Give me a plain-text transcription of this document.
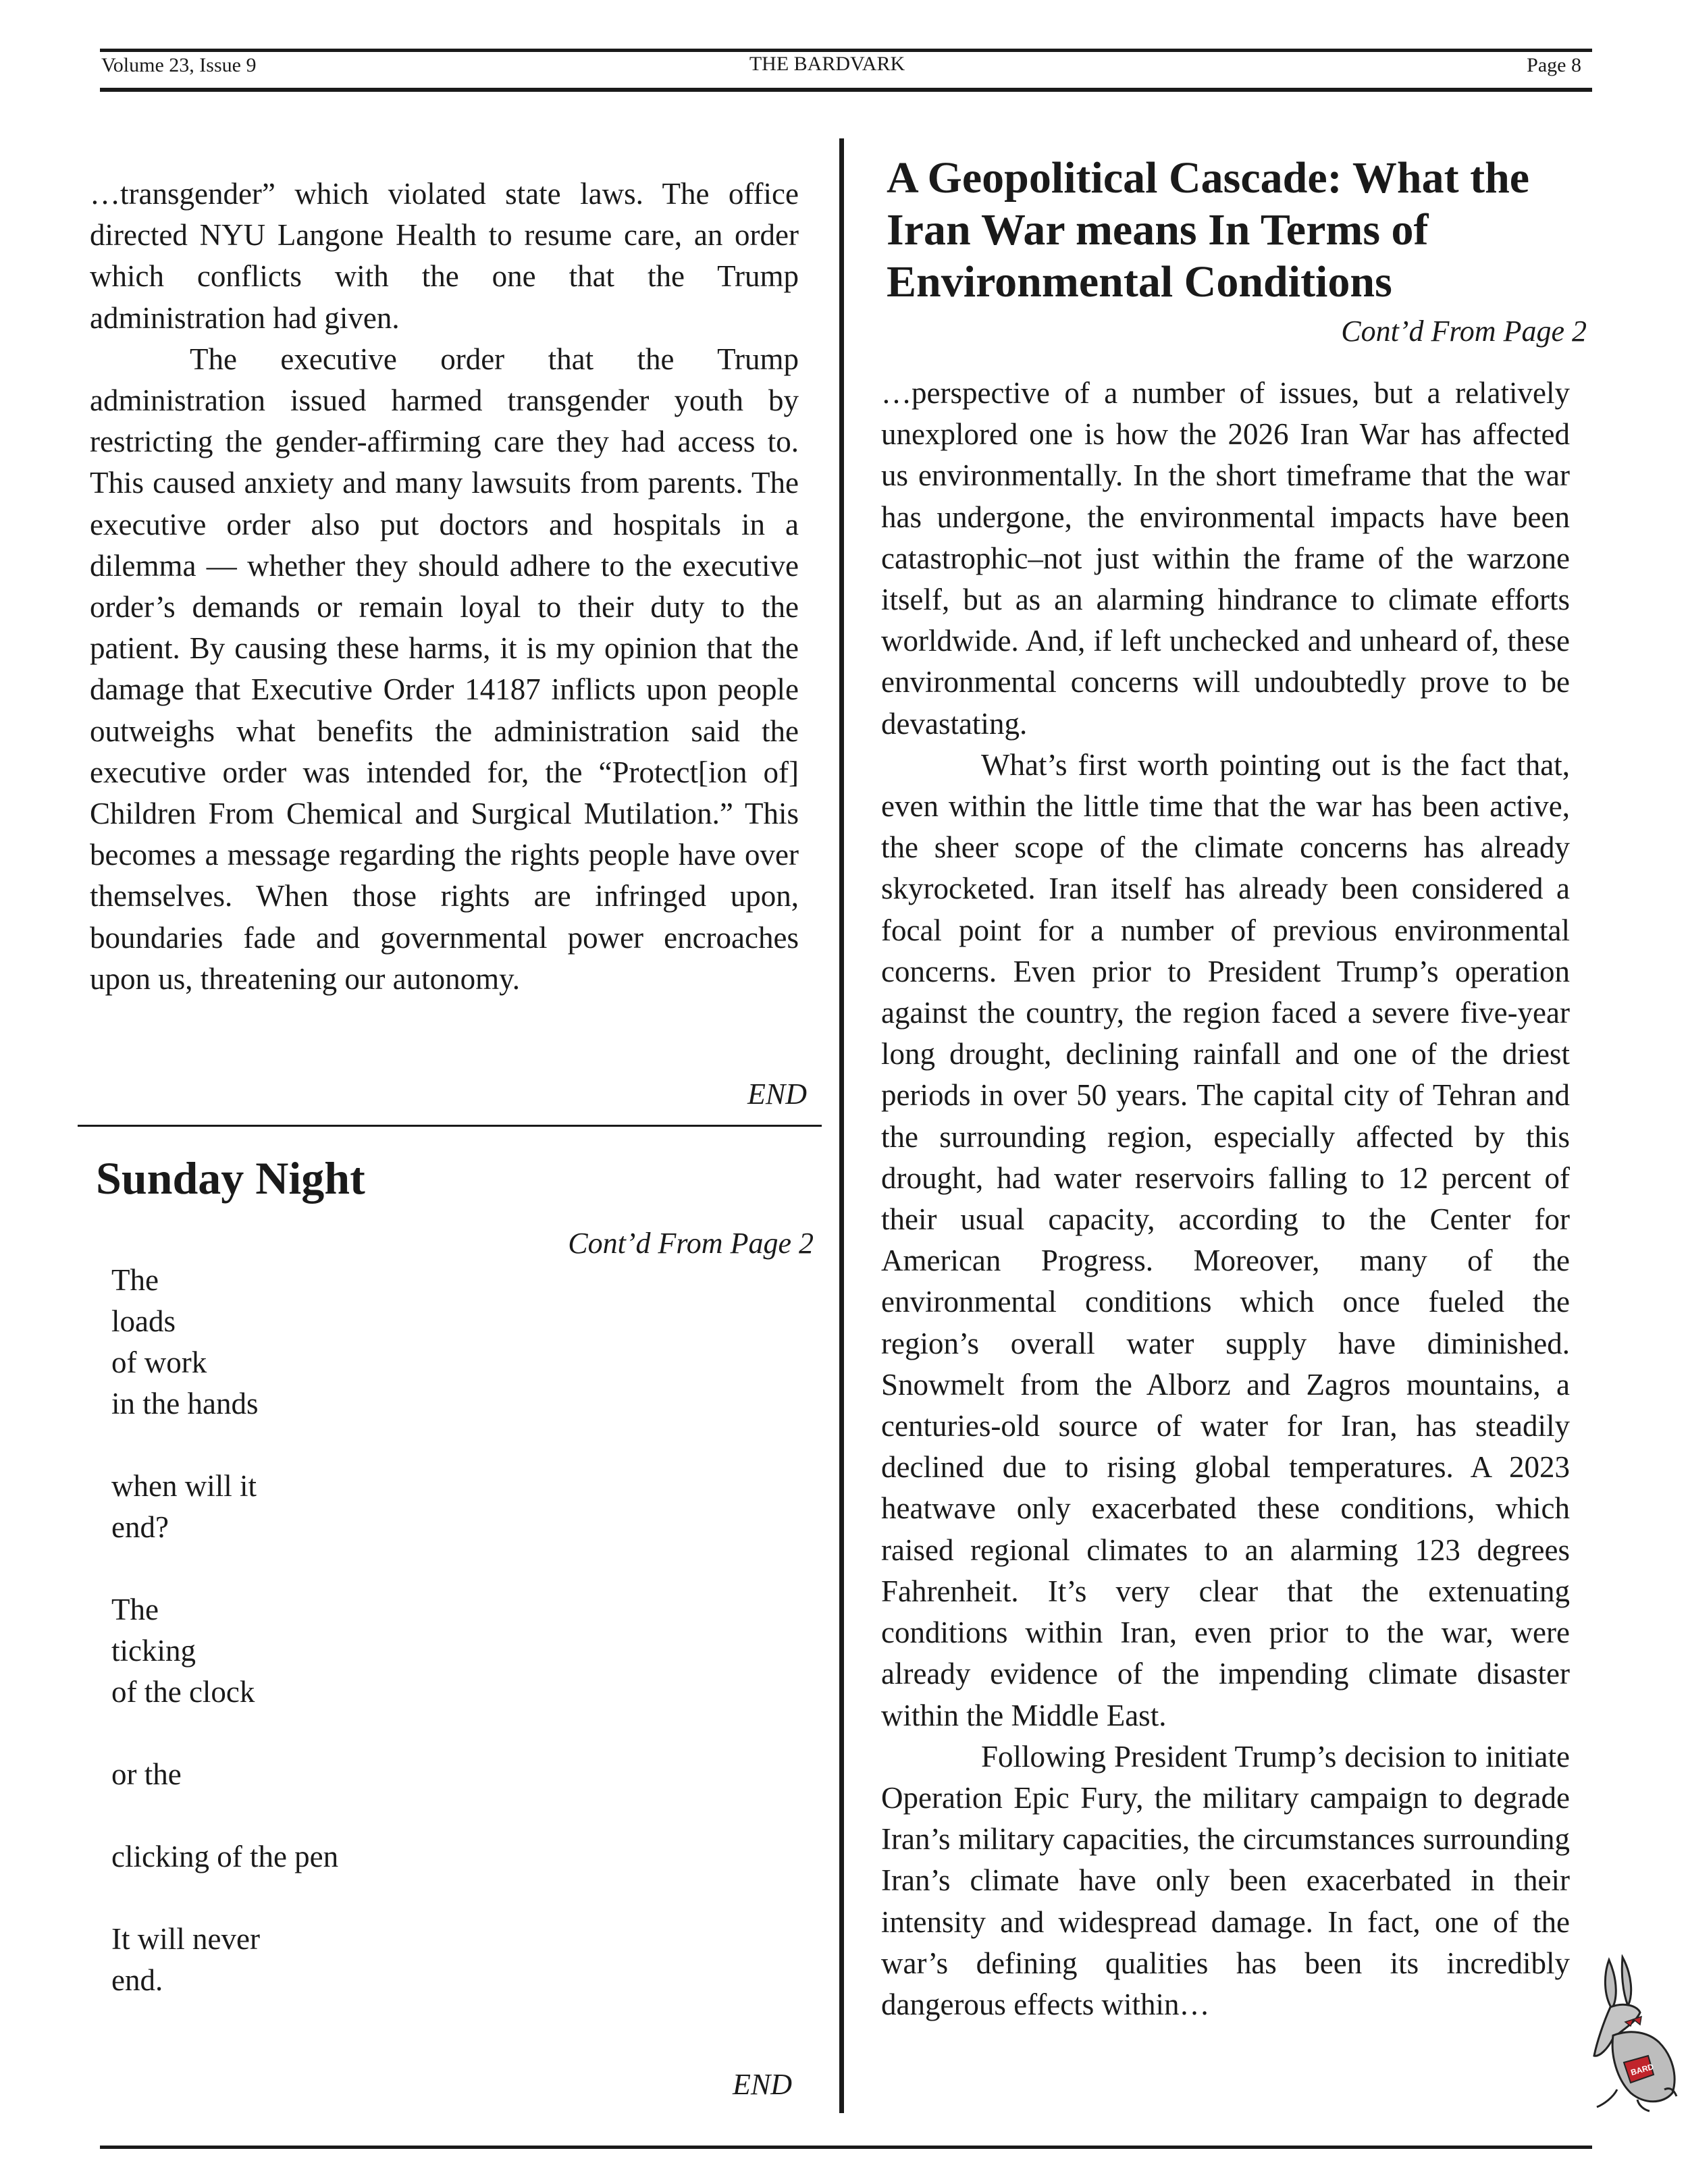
Volume 23, Issue 9	THE BARDVARK	Page 8

…transgender” which violated state laws. The office directed NYU Langone Health to resume care, an order which conflicts with the one that the Trump administration had given.

The executive order that the Trump administration issued harmed transgender youth by restricting the gender-affirming care they had access to. This caused anxiety and many lawsuits from parents. The executive order also put doctors and hospitals in a dilemma — whether they should adhere to the executive order’s demands or remain loyal to their duty to the patient. By causing these harms, it is my opinion that the damage that Executive Order 14187 inflicts upon people outweighs what benefits the administration said the executive order was intended for, the “Protect[ion of] Children From Chemical and Surgical Mutilation.” This becomes a message regarding the rights people have over themselves. When those rights are infringed upon, boundaries fade and governmental power encroaches upon us, threatening our autonomy.

END
Sunday Night
Cont’d From Page 2
The
loads
of work
in the hands
when will it
end?
The
ticking
of the clock
or the
clicking of the pen
It will never
end.
END
A Geopolitical Cascade: What the Iran War means In Terms of Environmental Conditions
Cont’d From Page 2

…perspective of a number of issues, but a relatively unexplored one is how the 2026 Iran War has affected us environmentally. In the short timeframe that the war has undergone, the environmental impacts have been catastrophic–not just within the frame of the warzone itself, but as an alarming hindrance to climate efforts worldwide. And, if left unchecked and unheard of, these environmental concerns will undoubtedly prove to be devastating.

What’s first worth pointing out is the fact that, even within the little time that the war has been active, the sheer scope of the climate concerns has already skyrocketed. Iran itself has already been considered a focal point for a number of previous environmental concerns. Even prior to President Trump’s operation against the country, the region faced a severe five-year long drought, declining rainfall and one of the driest periods in over 50 years. The capital city of Tehran and the surrounding region, especially affected by this drought, had water reservoirs falling to 12 percent of their usual capacity, according to the Center for American Progress. Moreover, many of the environmental conditions which once fueled the region’s overall water supply have diminished. Snowmelt from the Alborz and Zagros mountains, a centuries-old source of water for Iran, has steadily declined due to rising global temperatures. A 2023 heatwave only exacerbated these conditions, which raised regional climates to an alarming 123 degrees Fahrenheit. It’s very clear that the extenuating conditions within Iran, even prior to the war, were already evidence of the impending climate disaster within the Middle East.

Following President Trump’s decision to initiate Operation Epic Fury, the military campaign to degrade Iran’s military capacities, the circumstances surrounding Iran’s climate have only been exacerbated in their intensity and widespread damage. In fact, one of the war’s defining qualities has been its incredibly dangerous effects within…

BARD
